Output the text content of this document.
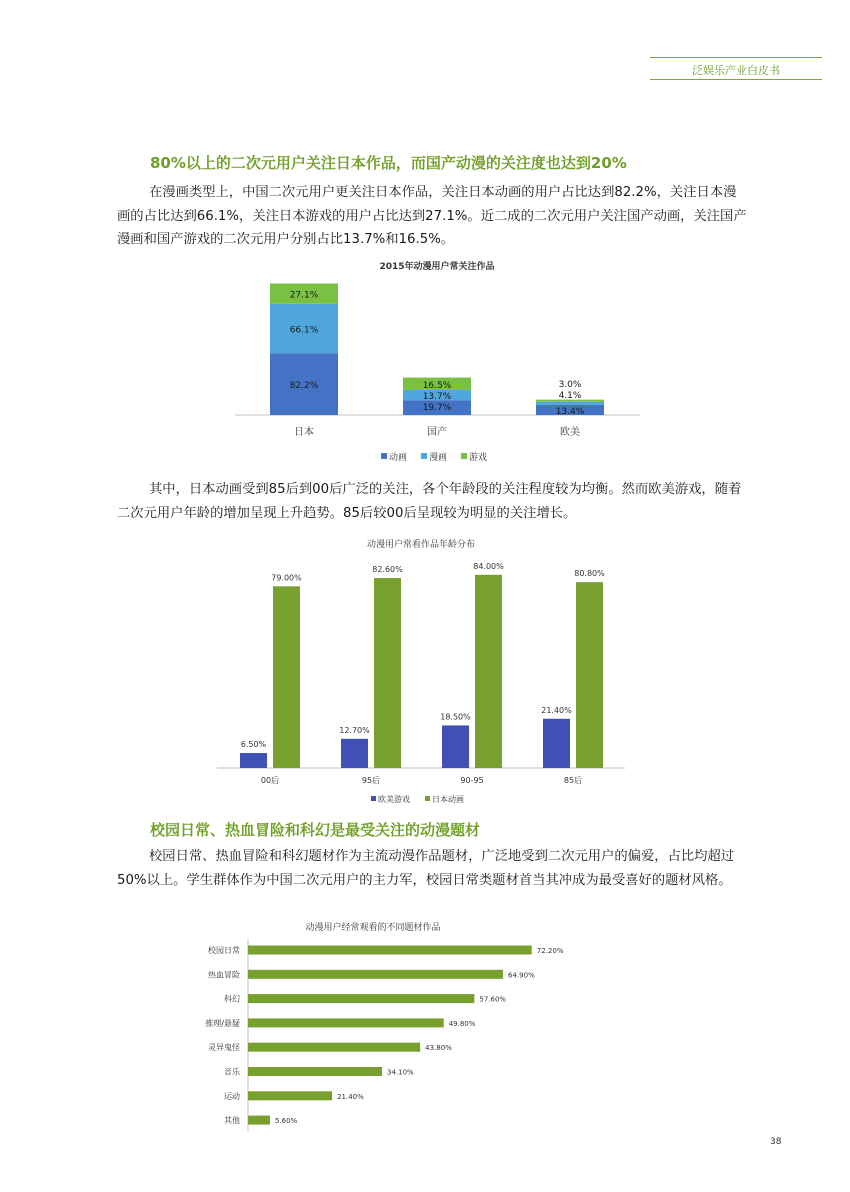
泛娱乐产业白皮书
80%以上的二次元用户关注日本作品，而国产动漫的关注度也达到20%
在漫画类型上，中国二次元用户更关注日本作品，关注日本动画的用户占比达到82.2%，关注日本漫画的占比达到66.1%，关注日本游戏的用户占比达到27.1%。近二成的二次元用户关注国产动画，关注国产漫画和国产游戏的二次元用户分别占比13.7%和16.5%。
2015年动漫用户常关注作品
82.2%
66.1%
27.1%
日本
19.7%
13.7%
16.5%
国产
13.4%
4.1%
3.0%
欧美
动画 漫画 游戏
其中，日本动画受到85后到00后广泛的关注，各个年龄段的关注程度较为均衡。然而欧美游戏，随着二次元用户年龄的增加呈现上升趋势。85后较00后呈现较为明显的关注增长。
动漫用户常看作品年龄分布
6.50%
79.00%
00后
12.70%
82.60%
95后
18.50%
84.00%
90-95
21.40%
80.80%
85后
欧美游戏	日本动画
校园日常、热血冒险和科幻是最受关注的动漫题材
校园日常、热血冒险和科幻题材作为主流动漫作品题材，广泛地受到二次元用户的偏爱，占比均超过50%以上。学生群体作为中国二次元用户的主力军，校园日常类题材首当其冲成为最受喜好的题材风格。
动漫用户经常观看的不同题材作品
校园日常	72.20%
热血冒险	64.90%
科幻	57.60%
推理/悬疑	49.80%
灵异鬼怪	43.80%
音乐	34.10%
运动	21.40%
其他	5.60%
38
